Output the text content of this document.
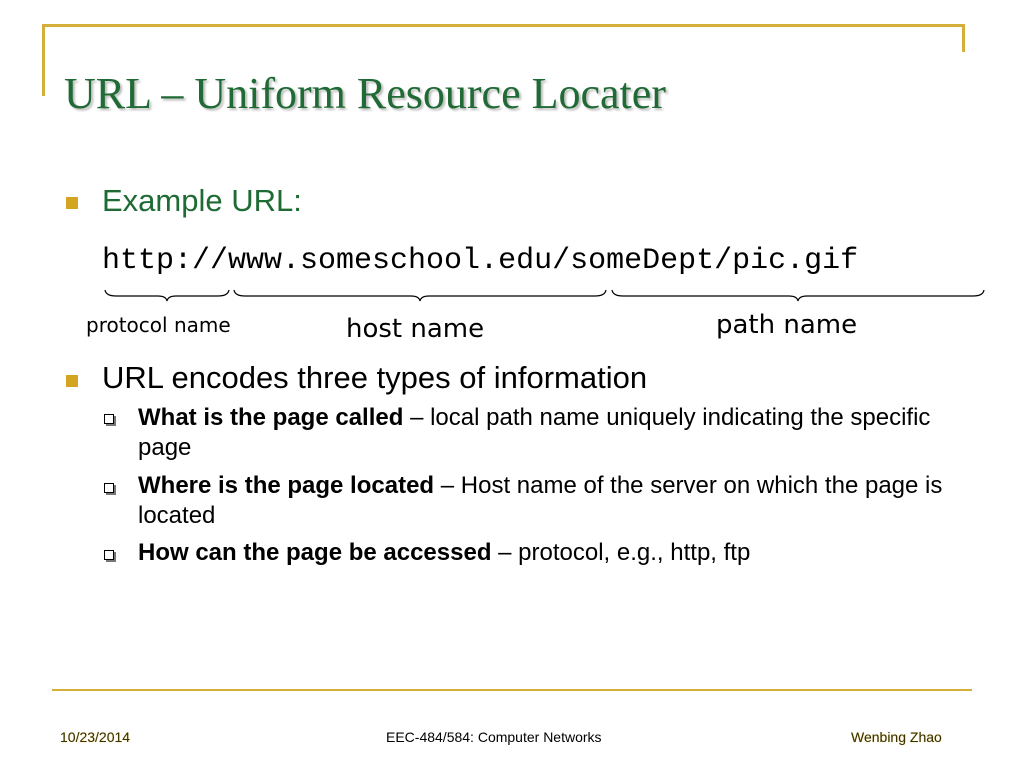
URL – Uniform Resource Locater
Example URL:
http://www.someschool.edu/someDept/pic.gif
protocol name	host name	path name
URL encodes three types of information
What is the page called – local path name uniquely indicating the specific page
Where is the page located – Host name of the server on which the page is located
How can the page be accessed – protocol, e.g., http, ftp
10/23/2014	EEC-484/584: Computer Networks	Wenbing Zhao
